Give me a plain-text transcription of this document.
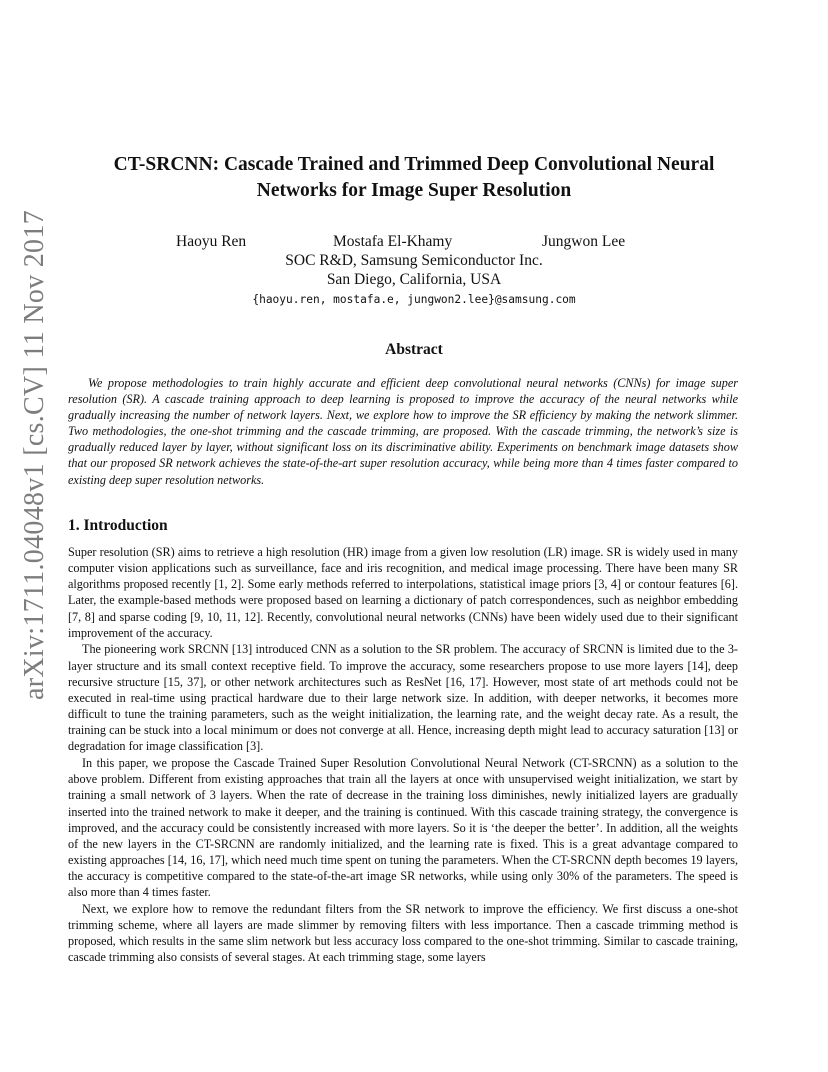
arXiv:1711.04048v1 [cs.CV] 11 Nov 2017
CT-SRCNN: Cascade Trained and Trimmed Deep Convolutional Neural
Networks for Image Super Resolution
Haoyu Ren	Mostafa El-Khamy	Jungwon Lee
SOC R&D, Samsung Semiconductor Inc.
San Diego, California, USA
{haoyu.ren, mostafa.e, jungwon2.lee}@samsung.com
Abstract

We propose methodologies to train highly accurate and efficient deep convolutional neural networks (CNNs) for image super resolution (SR). A cascade training approach to deep learning is proposed to improve the accuracy of the neural networks while gradually increasing the number of network layers. Next, we explore how to improve the SR efficiency by making the network slimmer. Two methodologies, the one-shot trimming and the cascade trimming, are proposed. With the cascade trimming, the network’s size is gradually reduced layer by layer, without significant loss on its discriminative ability. Experiments on benchmark image datasets show that our proposed SR network achieves the state-of-the-art super resolution accuracy, while being more than 4 times faster compared to existing deep super resolution networks.

1. Introduction

Super resolution (SR) aims to retrieve a high resolution (HR) image from a given low resolution (LR) image. SR is widely used in many computer vision applications such as surveillance, face and iris recognition, and medical image processing. There have been many SR algorithms proposed recently [1, 2]. Some early methods referred to interpolations, statistical image priors [3, 4] or contour features [6]. Later, the example-based methods were proposed based on learning a dictionary of patch correspondences, such as neighbor embedding [7, 8] and sparse coding [9, 10, 11, 12]. Recently, convolutional neural networks (CNNs) have been widely used due to their significant improvement of the accuracy.

The pioneering work SRCNN [13] introduced CNN as a solution to the SR problem. The accuracy of SRCNN is limited due to the 3-layer structure and its small context receptive field. To improve the accuracy, some researchers propose to use more layers [14], deep recursive structure [15, 37], or other network architectures such as ResNet [16, 17]. However, most state of art methods could not be executed in real-time using practical hardware due to their large network size. In addition, with deeper networks, it becomes more difficult to tune the training parameters, such as the weight initialization, the learning rate, and the weight decay rate. As a result, the training can be stuck into a local minimum or does not converge at all. Hence, increasing depth might lead to accuracy saturation [13] or degradation for image classification [3].

In this paper, we propose the Cascade Trained Super Resolution Convolutional Neural Network (CT-SRCNN) as a solution to the above problem. Different from existing approaches that train all the layers at once with unsupervised weight initialization, we start by training a small network of 3 layers. When the rate of decrease in the training loss diminishes, newly initialized layers are gradually inserted into the trained network to make it deeper, and the training is continued. With this cascade training strategy, the convergence is improved, and the accuracy could be consistently increased with more layers. So it is ‘the deeper the better’. In addition, all the weights of the new layers in the CT-SRCNN are randomly initialized, and the learning rate is fixed. This is a great advantage compared to existing approaches [14, 16, 17], which need much time spent on tuning the parameters. When the CT-SRCNN depth becomes 19 layers, the accuracy is competitive compared to the state-of-the-art image SR networks, while using only 30% of the parameters. The speed is also more than 4 times faster.

Next, we explore how to remove the redundant filters from the SR network to improve the efficiency. We first discuss a one-shot trimming scheme, where all layers are made slimmer by removing filters with less importance. Then a cascade trimming method is proposed, which results in the same slim network but less accuracy loss compared to the one-shot trimming. Similar to cascade training, cascade trimming also consists of several stages. At each trimming stage, some layers
